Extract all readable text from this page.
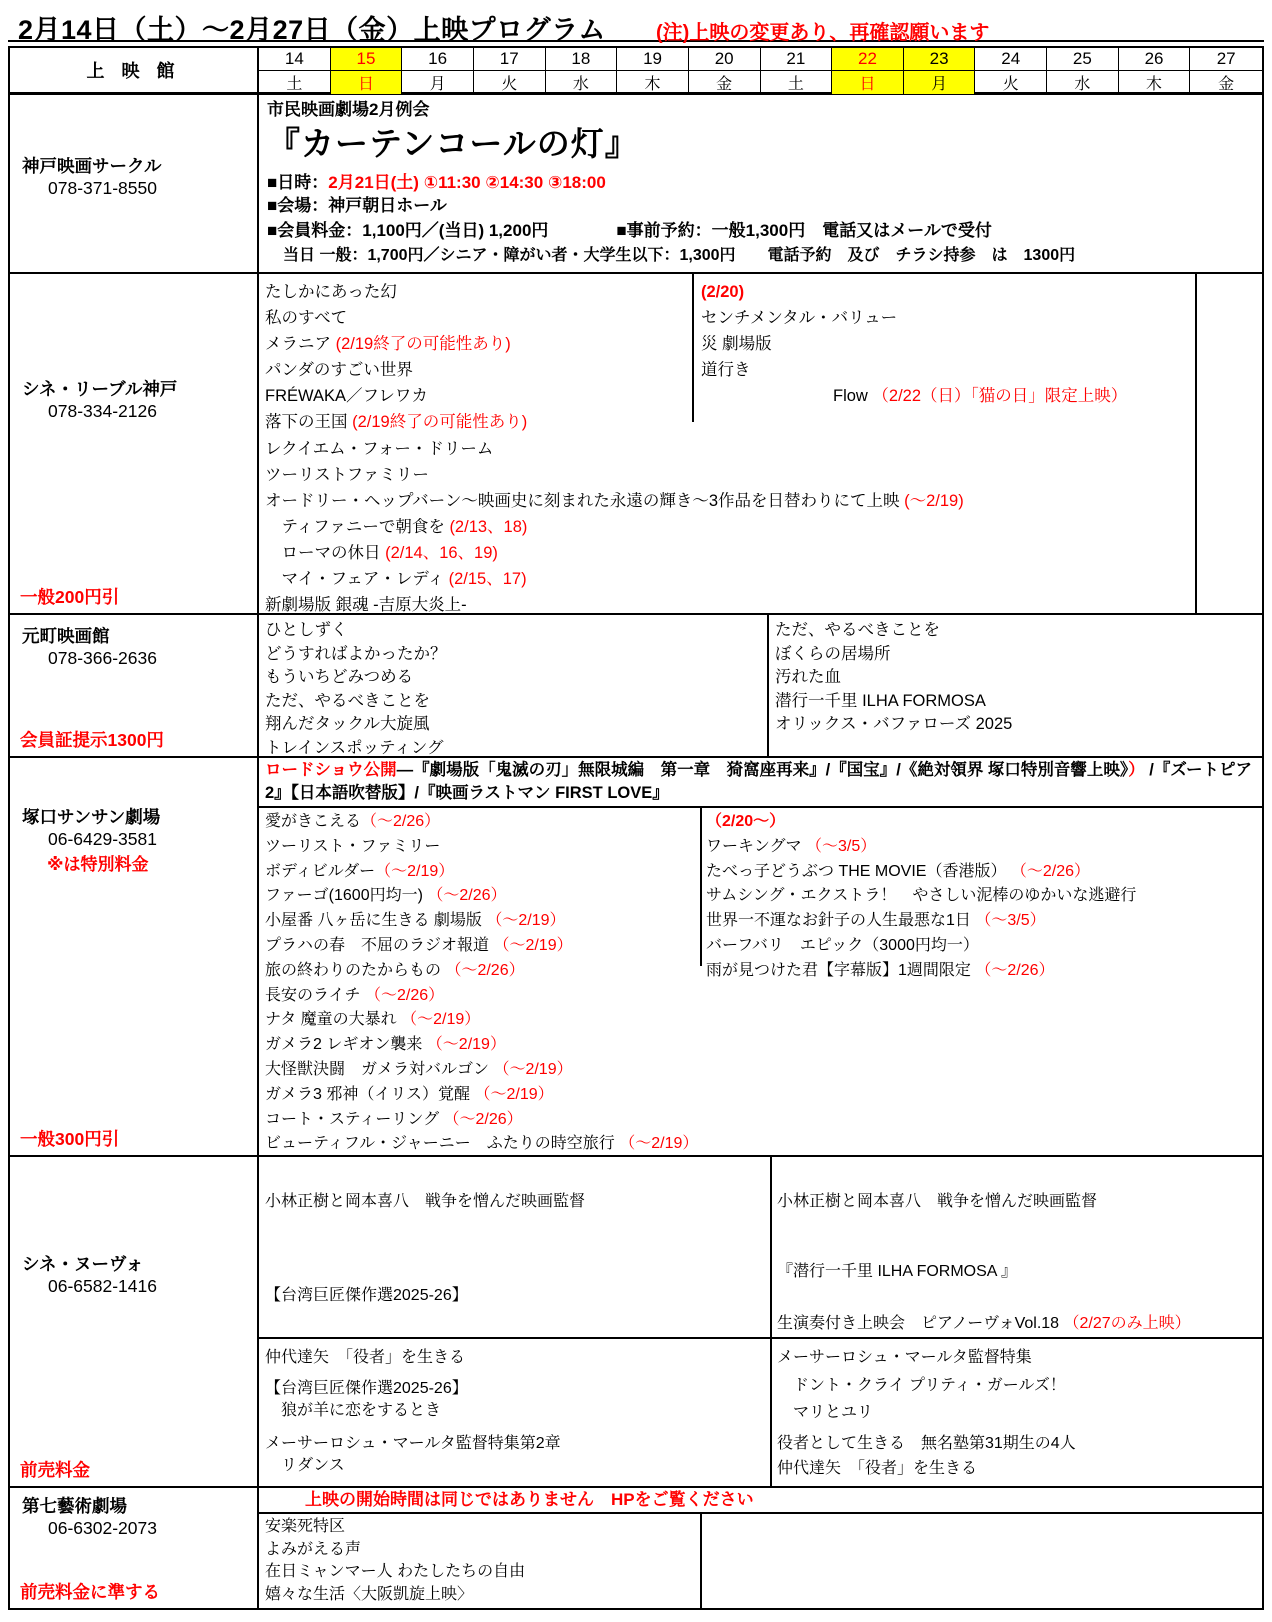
2月14日（土）～2月27日（金）上映プログラム	(注)上映の変更あり、再確認願います
上 映 館
14
土
15
日
16
月
17
火
18
水
19
木
20
金
21
土
22
日
23
月
24
火
25
水
26
木
27
金
神戸映画サークル
078-371-8550
市民映画劇場2月例会
『カーテンコールの灯』
■日時：2月21日(土) ①11:30 ②14:30 ③18:00
■会場：神戸朝日ホール
■会員料金：1,100円／(当日) 1,200円　　　　■事前予約：一般1,300円　電話又はメールで受付
　当日 一般：1,700円／シニア・障がい者・大学生以下：1,300円　　電話予約　及び　チラシ持参　は　1300円
シネ・リーブル神戸
078-334-2126
一般200円引
たしかにあった幻
私のすべて
メラニア (2/19終了の可能性あり)
パンダのすごい世界
FRÉWAKA／フレワカ
落下の王国 (2/19終了の可能性あり)
レクイエム・フォー・ドリーム
ツーリストファミリー
オードリー・ヘップバーン～映画史に刻まれた永遠の輝き～3作品を日替わりにて上映 (～2/19)
　ティファニーで朝食を (2/13、18)
　ローマの休日 (2/14、16、19)
　マイ・フェア・レディ (2/15、17)
新劇場版 銀魂 -吉原大炎上-
(2/20)
センチメンタル・バリュー
災 劇場版
道行き
　　　　　　　　Flow （2/22（日）「猫の日」限定上映）
元町映画館
078-366-2636
会員証提示1300円
ひとしずく
どうすればよかったか？
もういちどみつめる
ただ、やるべきことを
翔んだタックル大旋風
トレインスポッティング
ただ、やるべきことを
ぼくらの居場所
汚れた血
潜行一千里 ILHA FORMOSA
オリックス・バファローズ 2025
塚口サンサン劇場
06-6429-3581
※は特別料金
一般300円引
ロードショウ公開―『劇場版「鬼滅の刃」無限城編　第一章　猗窩座再来』/『国宝』/《絶対領界 塚口特別音響上映》） /『ズートピア2』【日本語吹替版】/『映画ラストマン FIRST LOVE』
愛がきこえる（～2/26）
ツーリスト・ファミリー
ボディビルダー（～2/19）
ファーゴ(1600円均一) （～2/26）
小屋番 八ヶ岳に生きる 劇場版 （～2/19）
プラハの春　不屈のラジオ報道 （～2/19）
旅の終わりのたからもの （～2/26）
長安のライチ （～2/26）
ナタ 魔童の大暴れ （～2/19）
ガメラ2 レギオン襲来 （～2/19）
大怪獣決闘　ガメラ対バルゴン （～2/19）
ガメラ3 邪神（イリス）覚醒 （～2/19）
コート・スティーリング （～2/26）
ビューティフル・ジャーニー　ふたりの時空旅行 （～2/19）
（2/20～）
ワーキングマ （～3/5）
たべっ子どうぶつ THE MOVIE（香港版） （～2/26）
サムシング・エクストラ！　やさしい泥棒のゆかいな逃避行
世界一不運なお針子の人生最悪な1日 （～3/5）
バーフバリ　エピック（3000円均一）
雨が見つけた君【字幕版】1週間限定 （～2/26）
シネ・ヌーヴォ
06-6582-1416
前売料金
小林正樹と岡本喜八　戦争を憎んだ映画監督
【台湾巨匠傑作選2025-26】
小林正樹と岡本喜八　戦争を憎んだ映画監督
『潜行一千里 ILHA FORMOSA 』
生演奏付き上映会　ピアノーヴォVol.18 （2/27のみ上映）
仲代達矢　「役者」を生きる
【台湾巨匠傑作選2025-26】
　狼が羊に恋をするとき
メーサーロシュ・マールタ監督特集第2章
　リダンス
メーサーロシュ・マールタ監督特集
　ドント・クライ プリティ・ガールズ！
　マリとユリ
役者として生きる　無名塾第31期生の4人
仲代達矢　「役者」を生きる
第七藝術劇場
06-6302-2073
前売料金に準する
上映の開始時間は同じではありません　HPをご覧ください
安楽死特区
よみがえる声
在日ミャンマー人 わたしたちの自由
嬉々な生活〈大阪凱旋上映〉
